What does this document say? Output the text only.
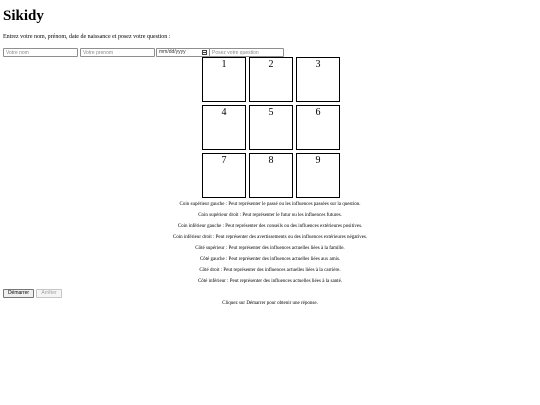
Sikidy
Entrez votre nom, prénom, date de naissance et posez votre question :
Votre nom
Votre prenom
mm/dd/yyyy
Posez votre question
1	2	3
4	5	6
7	8	9
Coin supérieur gauche : Peut représenter le passé ou les influences passées sur la question.
Coin supérieur droit : Peut représenter le futur ou les influences futures.
Coin inférieur gauche : Peut représenter des conseils ou des influences extérieures positives.
Coin inférieur droit : Peut représenter des avertissements ou des influences extérieures négatives.
Côté supérieur : Peut représenter des influences actuelles liées à la famille.
Côté gauche : Peut représenter des influences actuelles liées aux amis.
Côté droit : Peut représenter des influences actuelles liées à la carrière.
Côté inférieur : Peut représenter des influences actuelles liées à la santé.
Démarrer	Arrêter
Cliquez sur Démarrer pour obtenir une réponse.
